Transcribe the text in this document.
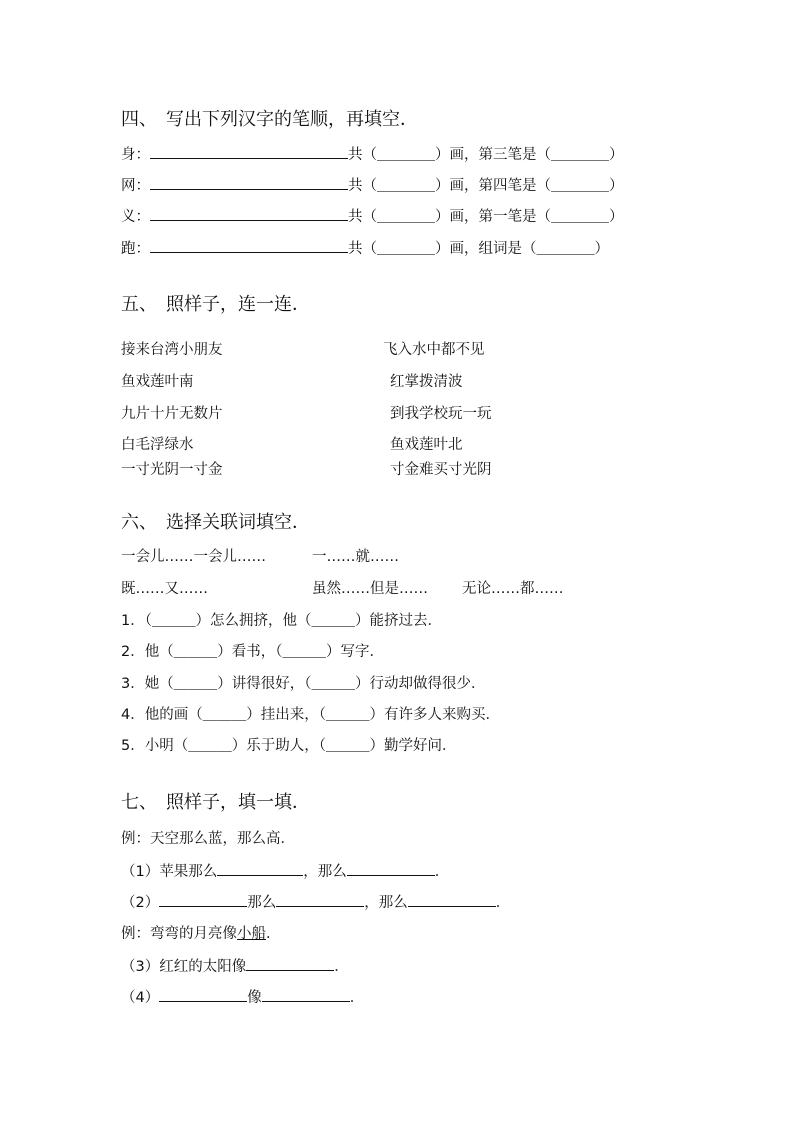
四、　写出下列汉字的笔顺，再填空．
身：	共（＿＿＿＿）画，第三笔是（＿＿＿＿）
网：	共（＿＿＿＿）画，第四笔是（＿＿＿＿）
义：	共（＿＿＿＿）画，第一笔是（＿＿＿＿）
跑：	共（＿＿＿＿）画，组词是（＿＿＿＿）
五、　照样子，连一连．
接来台湾小朋友
鱼戏莲叶南
九片十片无数片
白毛浮绿水
一寸光阴一寸金
飞入水中都不见
红掌拨清波
到我学校玩一玩
鱼戏莲叶北
寸金难买寸光阴
六、　选择关联词填空．
一会儿……一会儿……	一……就……
既……又……	虽然……但是…… 无论……都……
1．（＿＿＿）怎么拥挤，他（＿＿＿）能挤过去．
2．他（＿＿＿）看书，（＿＿＿）写字．
3．她（＿＿＿）讲得很好，（＿＿＿）行动却做得很少．
4．他的画（＿＿＿）挂出来，（＿＿＿）有许多人来购买．
5．小明（＿＿＿）乐于助人，（＿＿＿）勤学好问．
七、　照样子，填一填．
例：天空那么蓝，那么高．
（1）苹果那么	，那么	．
（2）	那么	，那么	．
例：弯弯的月亮像小船．
（3）红红的太阳像	．
（4）	像	．
